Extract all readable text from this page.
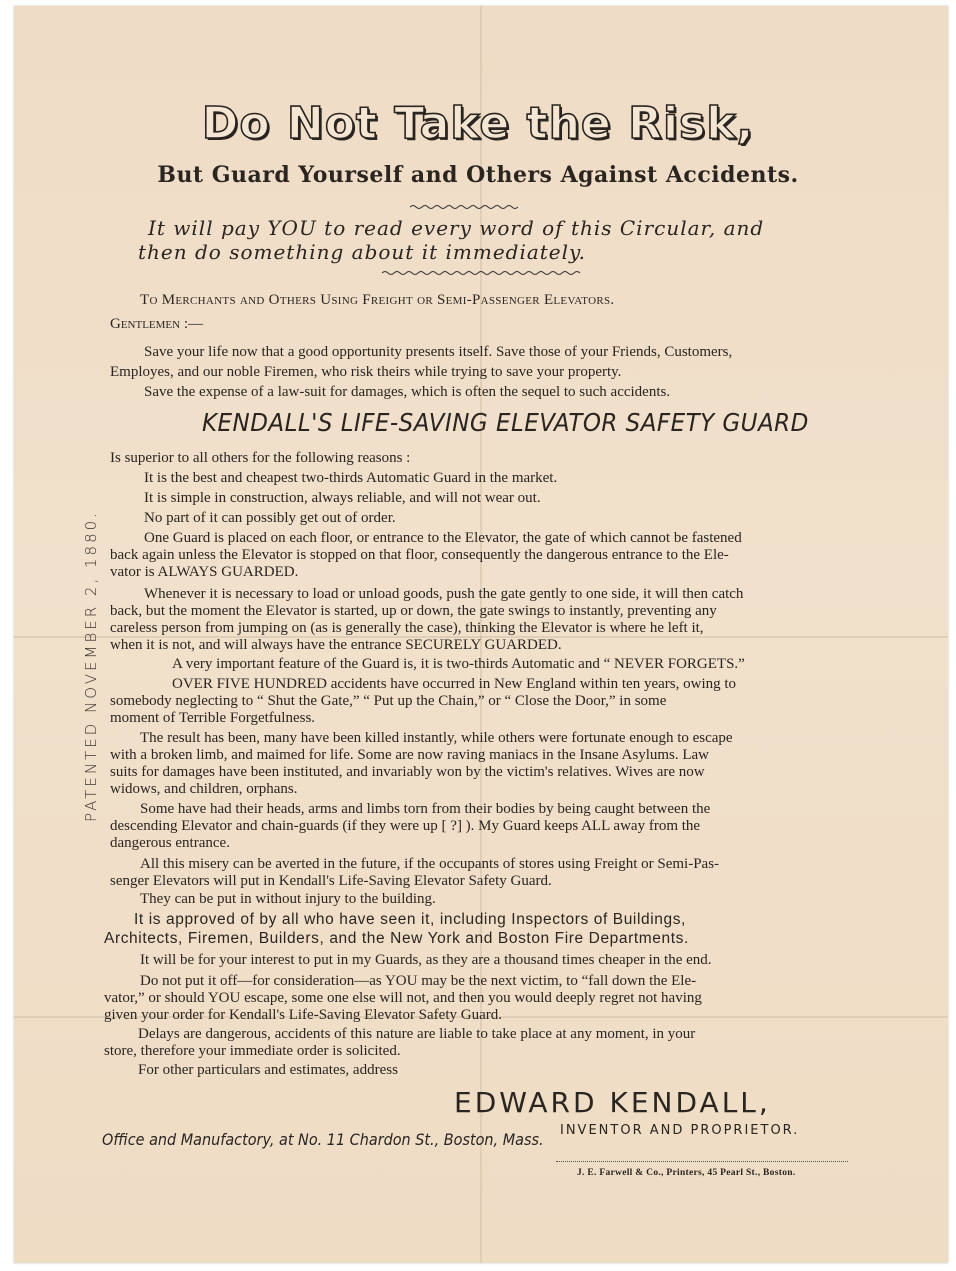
Do Not Take the Risk,
But Guard Yourself and Others Against Accidents.
It will pay YOU to read every word of this Circular, and
then do something about it immediately.
To Merchants and Others Using Freight or Semi-Passenger Elevators.
Gentlemen :—
Save your life now that a good opportunity presents itself. Save those of your Friends, Customers,
Employes, and our noble Firemen, who risk theirs while trying to save your property.
Save the expense of a law-suit for damages, which is often the sequel to such accidents.
KENDALL'S LIFE-SAVING ELEVATOR SAFETY GUARD
Is superior to all others for the following reasons :
It is the best and cheapest two-thirds Automatic Guard in the market.
It is simple in construction, always reliable, and will not wear out.
No part of it can possibly get out of order.
One Guard is placed on each floor, or entrance to the Elevator, the gate of which cannot be fastened
back again unless the Elevator is stopped on that floor, consequently the dangerous entrance to the Ele-
vator is ALWAYS GUARDED.
Whenever it is necessary to load or unload goods, push the gate gently to one side, it will then catch
back, but the moment the Elevator is started, up or down, the gate swings to instantly, preventing any
careless person from jumping on (as is generally the case), thinking the Elevator is where he left it,
when it is not, and will always have the entrance SECURELY GUARDED.
A very important feature of the Guard is, it is two-thirds Automatic and “ NEVER FORGETS.”
OVER FIVE HUNDRED accidents have occurred in New England within ten years, owing to
somebody neglecting to “ Shut the Gate,” “ Put up the Chain,” or “ Close the Door,” in some
moment of Terrible Forgetfulness.
The result has been, many have been killed instantly, while others were fortunate enough to escape
with a broken limb, and maimed for life. Some are now raving maniacs in the Insane Asylums. Law
suits for damages have been instituted, and invariably won by the victim's relatives. Wives are now
widows, and children, orphans.
Some have had their heads, arms and limbs torn from their bodies by being caught between the
descending Elevator and chain-guards (if they were up [ ?] ). My Guard keeps ALL away from the
dangerous entrance.
All this misery can be averted in the future, if the occupants of stores using Freight or Semi-Pas-
senger Elevators will put in Kendall's Life-Saving Elevator Safety Guard.
They can be put in without injury to the building.
It is approved of by all who have seen it, including Inspectors of Buildings,
Architects, Firemen, Builders, and the New York and Boston Fire Departments.
It will be for your interest to put in my Guards, as they are a thousand times cheaper in the end.
Do not put it off—for consideration—as YOU may be the next victim, to “fall down the Ele-
vator,” or should YOU escape, some one else will not, and then you would deeply regret not having
given your order for Kendall's Life-Saving Elevator Safety Guard.
Delays are dangerous, accidents of this nature are liable to take place at any moment, in your
store, therefore your immediate order is solicited.
For other particulars and estimates, address
EDWARD KENDALL,
INVENTOR AND PROPRIETOR.
Office and Manufactory, at No. 11 Chardon St., Boston, Mass.
J. E. Farwell & Co., Printers, 45 Pearl St., Boston.
PATENTED NOVEMBER 2, 1880.
